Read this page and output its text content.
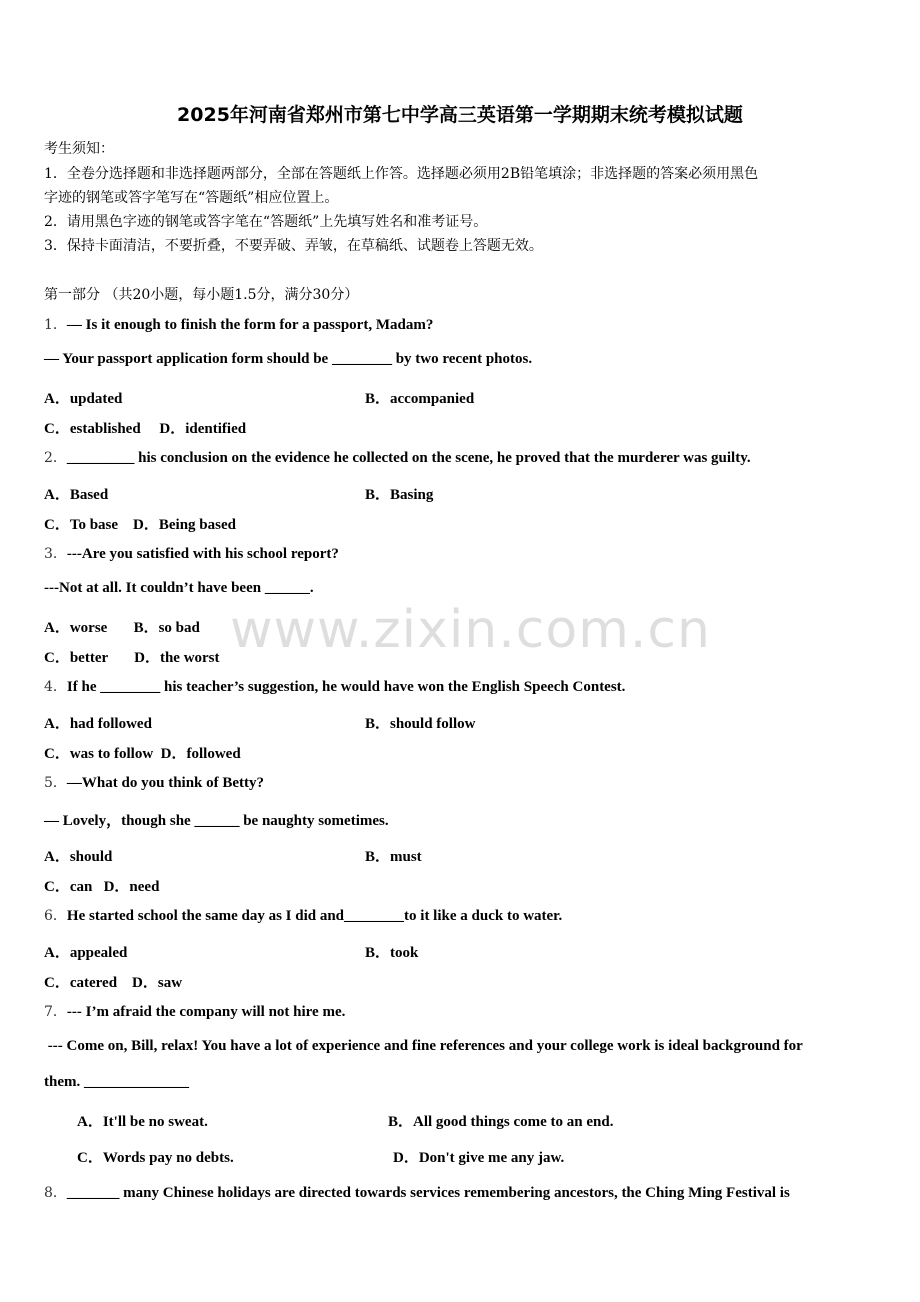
2025年河南省郑州市第七中学高三英语第一学期期末统考模拟试题
考生须知：
1．全卷分选择题和非选择题两部分，全部在答题纸上作答。选择题必须用2B铅笔填涂；非选择题的答案必须用黑色
字迹的钢笔或答字笔写在“答题纸”相应位置上。
2．请用黑色字迹的钢笔或答字笔在“答题纸”上先填写姓名和准考证号。
3．保持卡面清洁，不要折叠，不要弄破、弄皱，在草稿纸、试题卷上答题无效。
第一部分 （共20小题，每小题1.5分，满分30分）
1．— Is it enough to finish the form for a passport, Madam?
— Your passport application form should be ________ by two recent photos.
A．updated	B．accompanied
C．established     D．identified
2．_________ his conclusion on the evidence he collected on the scene, he proved that the murderer was guilty.
A．Based	B．Basing
C．To base    D．Being based
3．---Are you satisfied with his school report?
---Not at all. It couldn’t have been ______.
A．worse       B．so bad
C．better       D．the worst
4．If he ________ his teacher’s suggestion, he would have won the English Speech Contest.
A．had followed	B．should follow
C．was to follow  D．followed
5．—What do you think of Betty?
— Lovely，though she ______ be naughty sometimes.
A．should	B．must
C．can   D．need
6．He started school the same day as I did and________to it like a duck to water.
A．appealed	B．took
C．catered    D．saw
7．--- I’m afraid the company will not hire me.
--- Come on, Bill, relax! You have a lot of experience and fine references and your college work is ideal background for
them. ______________
A．It'll be no sweat.	B．All good things come to an end.
C．Words pay no debts.	D．Don't give me any jaw.
8．_______ many Chinese holidays are directed towards services remembering ancestors, the Ching Ming Festival is
www.zixin.com.cn
